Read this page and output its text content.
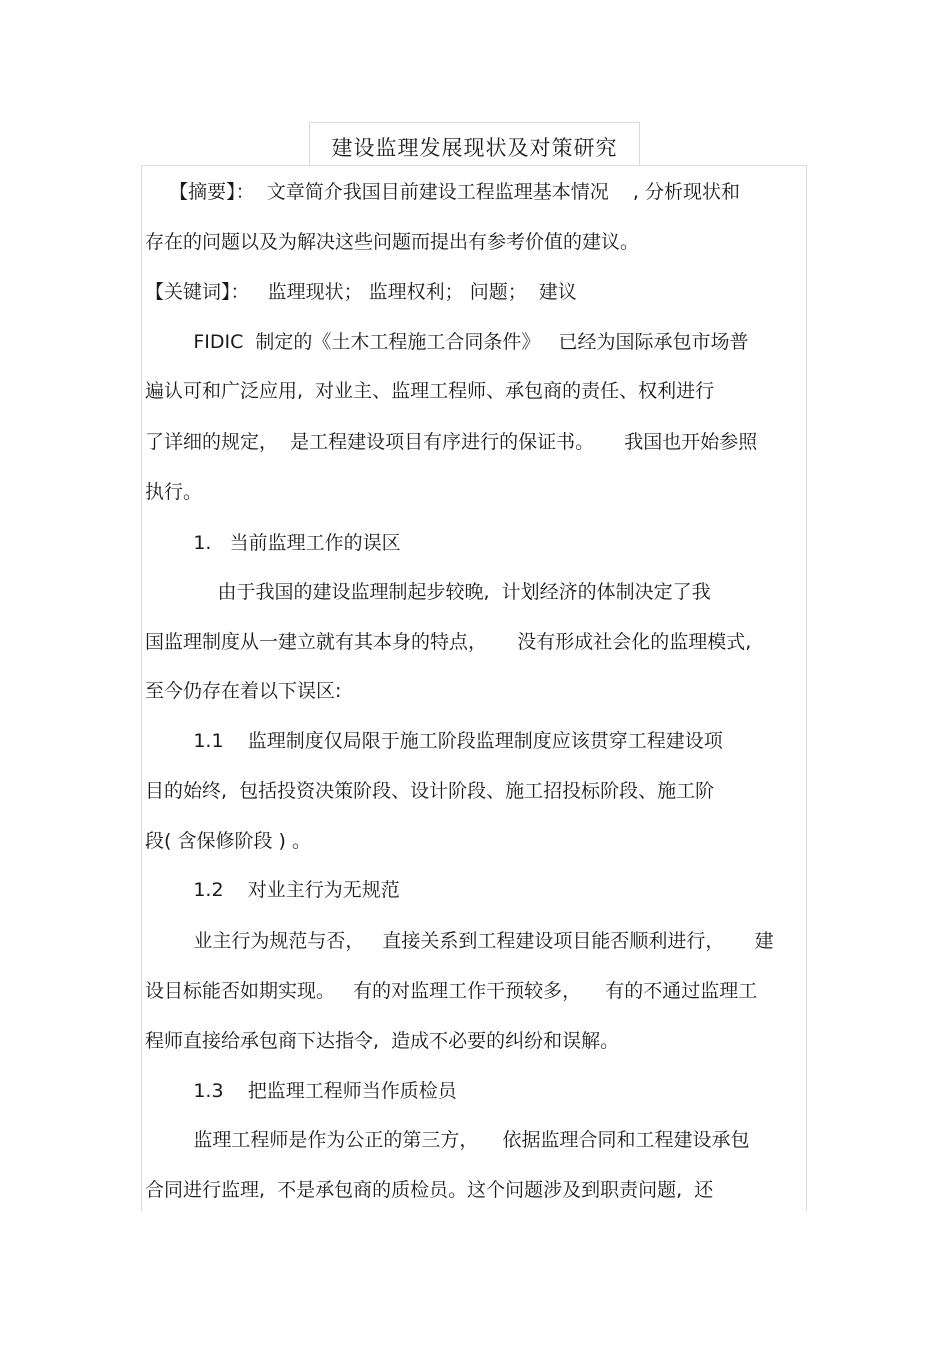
建设监理发展现状及对策研究
【摘要】：  文章简介我国目前建设工程监理基本情况    , 分析现状和
存在的问题以及为解决这些问题而提出有参考价值的建议。
【关键词】：   监理现状； 监理权利； 问题；  建议
FIDIC  制定的《土木工程施工合同条件》   已经为国际承包市场普
遍认可和广泛应用,  对业主、监理工程师、承包商的责任、权利进行
了详细的规定，  是工程建设项目有序进行的保证书。     我国也开始参照
执行。
1.   当前监理工作的误区
由于我国的建设监理制起步较晚,  计划经济的体制决定了我
国监理制度从一建立就有其本身的特点，     没有形成社会化的监理模式,
至今仍存在着以下误区:
1.1    监理制度仅局限于施工阶段监理制度应该贯穿工程建设项
目的始终,  包括投资决策阶段、设计阶段、施工招投标阶段、施工阶
段( 含保修阶段 ) 。
1.2    对业主行为无规范
业主行为规范与否，   直接关系到工程建设项目能否顺利进行，     建
设目标能否如期实现。   有的对监理工作干预较多，    有的不通过监理工
程师直接给承包商下达指令,  造成不必要的纠纷和误解。
1.3    把监理工程师当作质检员
监理工程师是作为公正的第三方，    依据监理合同和工程建设承包
合同进行监理,  不是承包商的质检员。这个问题涉及到职责问题,  还
